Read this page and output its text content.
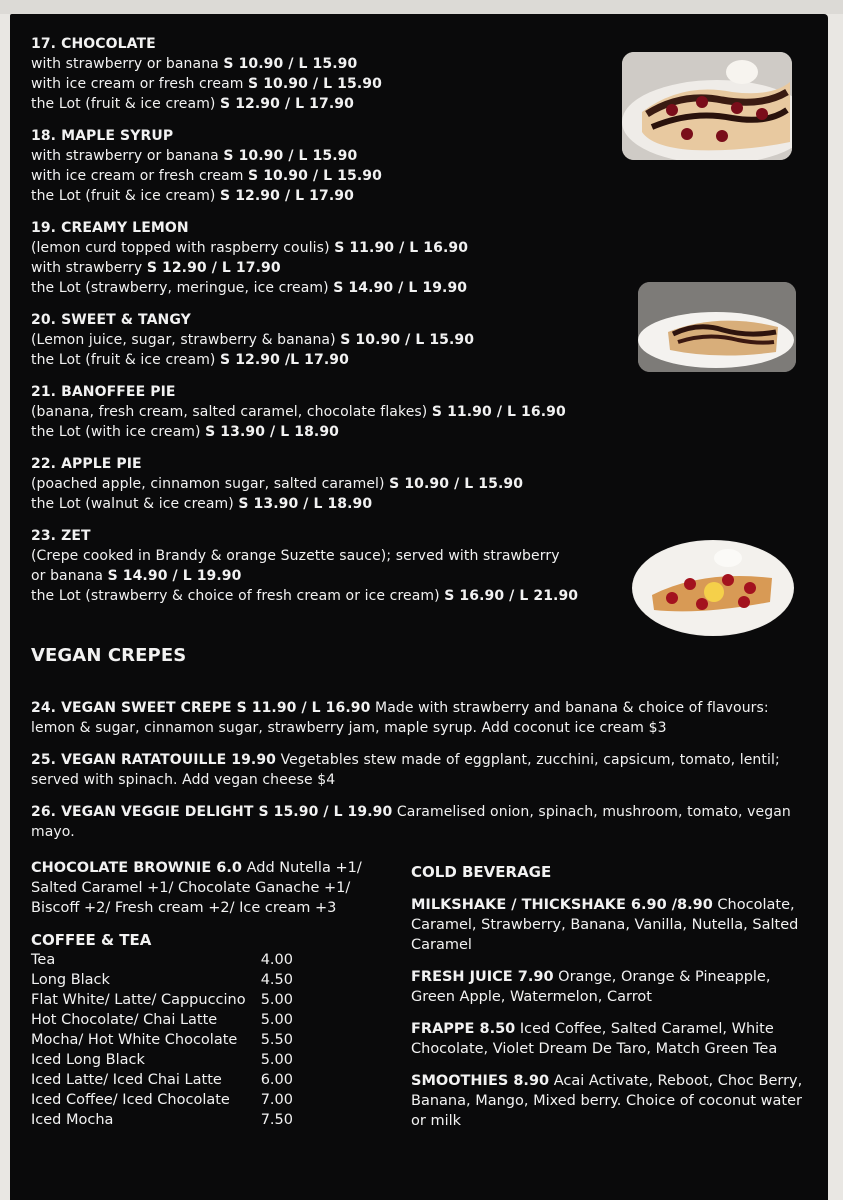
17. CHOCOLATE
with strawberry or banana S 10.90 / L 15.90
with ice cream or fresh cream S 10.90 / L 15.90
the Lot (fruit & ice cream) S 12.90 / L 17.90
18. MAPLE SYRUP
with strawberry or banana S 10.90 / L 15.90
with ice cream or fresh cream S 10.90 / L 15.90
the Lot (fruit & ice cream) S 12.90 / L 17.90
19. CREAMY LEMON
(lemon curd topped with raspberry coulis) S 11.90 / L 16.90
with strawberry S 12.90 / L 17.90
the Lot (strawberry, meringue, ice cream) S 14.90 / L 19.90
20. SWEET & TANGY
(Lemon juice, sugar, strawberry & banana) S 10.90 / L 15.90
the Lot (fruit & ice cream) S 12.90 /L 17.90
21. BANOFFEE PIE
(banana, fresh cream, salted caramel, chocolate flakes) S 11.90 / L 16.90
the Lot (with ice cream) S 13.90 / L 18.90
22. APPLE PIE
(poached apple, cinnamon sugar, salted caramel) S 10.90 / L 15.90
the Lot (walnut & ice cream) S 13.90 / L 18.90
23. ZET
(Crepe cooked in Brandy & orange Suzette sauce); served with strawberry
or banana S 14.90 / L 19.90
the Lot (strawberry & choice of fresh cream or ice cream) S 16.90 / L 21.90
VEGAN CREPES
24. VEGAN SWEET CREPE S 11.90 / L 16.90 Made with strawberry and banana & choice of flavours: lemon & sugar, cinnamon sugar, strawberry jam, maple syrup. Add coconut ice cream $3
25. VEGAN RATATOUILLE 19.90 Vegetables stew made of eggplant, zucchini, capsicum, tomato, lentil; served with spinach. Add vegan cheese $4
26. VEGAN VEGGIE DELIGHT S 15.90 / L 19.90 Caramelised onion, spinach, mushroom, tomato, vegan mayo.
CHOCOLATE BROWNIE 6.0 Add Nutella +1/ Salted Caramel +1/ Chocolate Ganache +1/ Biscoff +2/ Fresh cream +2/ Ice cream +3
COFFEE & TEA
Tea	4.00
Long Black	4.50
Flat White/ Latte/ Cappuccino 5.00
Hot Chocolate/ Chai Latte	5.00
Mocha/ Hot White Chocolate 5.50
Iced Long Black	5.00
Iced Latte/ Iced Chai Latte	6.00
Iced Coffee/ Iced Chocolate 7.00
Iced Mocha	7.50
COLD BEVERAGE
MILKSHAKE / THICKSHAKE 6.90 /8.90 Chocolate, Caramel, Strawberry, Banana, Vanilla, Nutella, Salted Caramel
FRESH JUICE 7.90 Orange, Orange & Pineapple, Green Apple, Watermelon, Carrot
FRAPPE 8.50 Iced Coffee, Salted Caramel, White Chocolate, Violet Dream De Taro, Match Green Tea
SMOOTHIES 8.90 Acai Activate, Reboot, Choc Berry, Banana, Mango, Mixed berry. Choice of coconut water or milk
